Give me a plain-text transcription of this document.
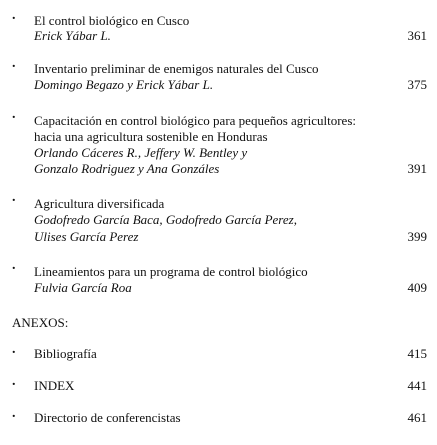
. El control biológico en Cusco
Erick Yábar L.	361
. Inventario preliminar de enemigos naturales del Cusco
Domingo Begazo y Erick Yábar L.	375
. Capacitación en control biológico para pequeños agricultores:
hacia una agricultura sostenible en Honduras
Orlando Cáceres R., Jeffery W. Bentley y
Gonzalo Rodriguez y Ana Gonzáles	391
. Agricultura diversificada
Godofredo García Baca, Godofredo García Perez,
Ulises García Perez	399
. Lineamientos para un programa de control biológico
Fulvia García Roa	409
ANEXOS:
. Bibliografía	415
. INDEX	441
. Directorio de conferencistas	461
